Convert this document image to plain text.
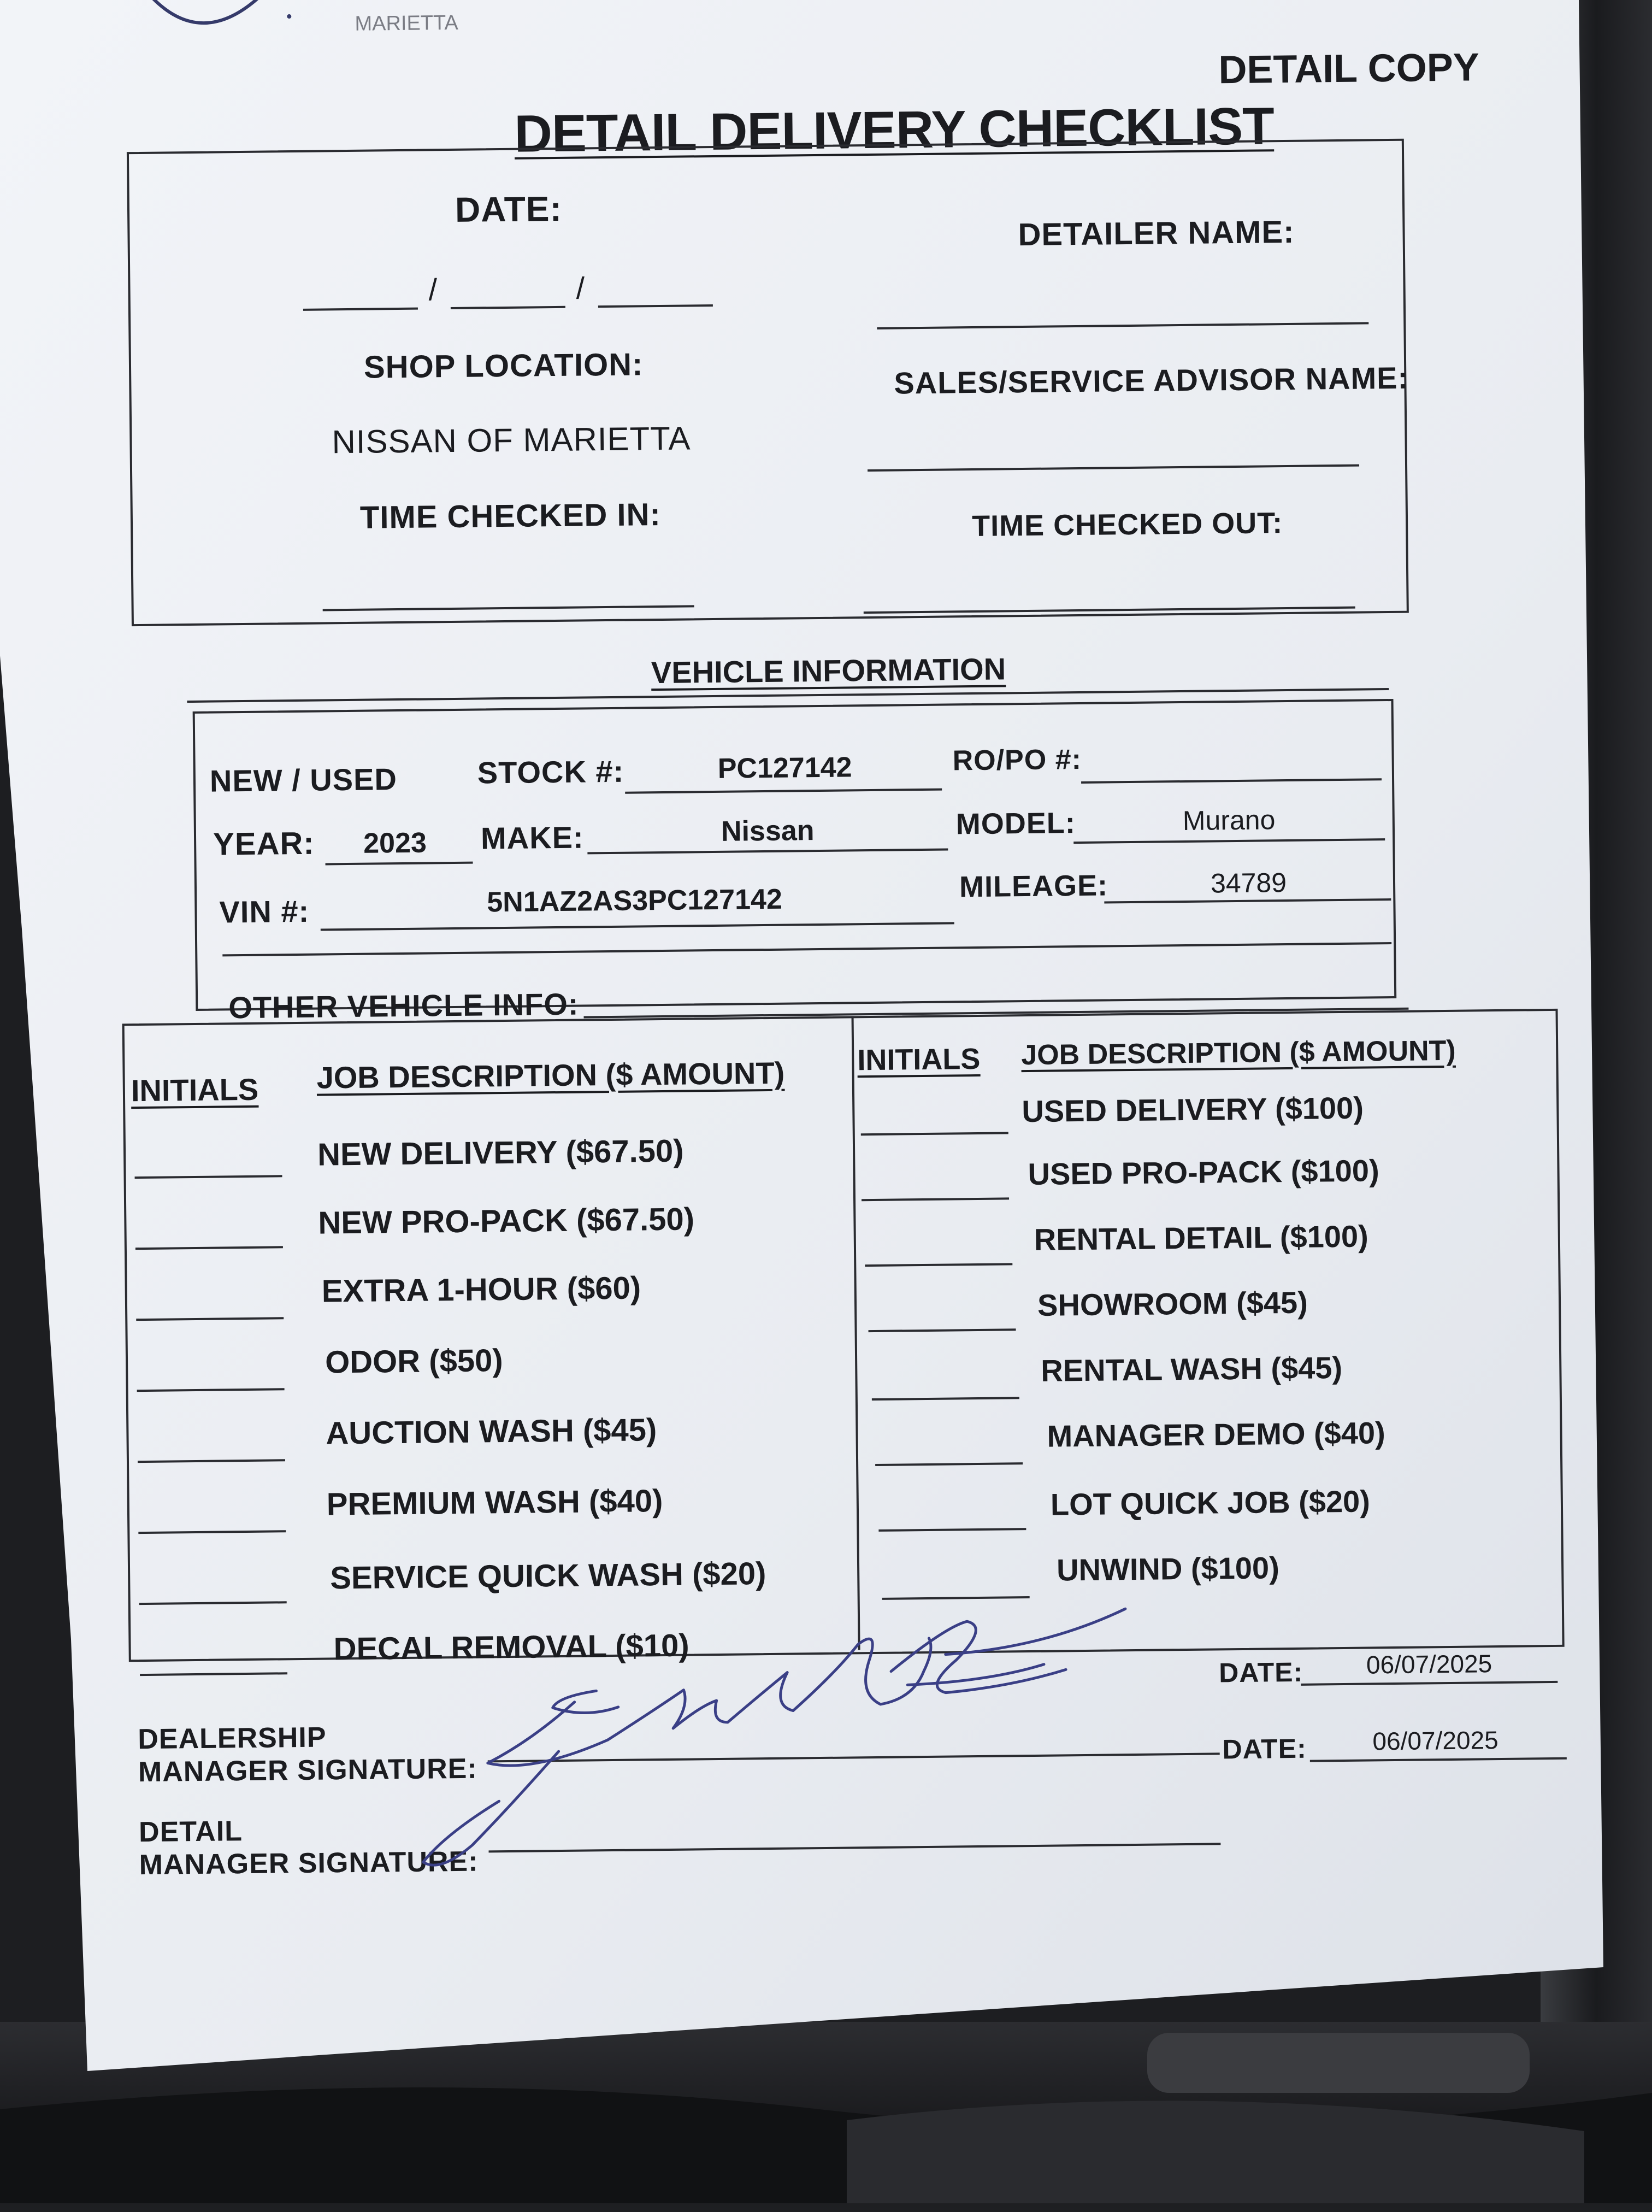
MARIETTA
DETAIL COPY
DETAIL DELIVERY CHECKLIST
DATE:
/	/
DETAILER NAME:
SHOP LOCATION:
NISSAN OF MARIETTA
SALES/SERVICE ADVISOR NAME:
TIME CHECKED IN:	TIME CHECKED OUT:
VEHICLE INFORMATION
NEW / USED	STOCK #:	PC127142	RO/PO #:
YEAR: 2023 MAKE:	Nissan	MODEL:	Murano
VIN #:	5N1AZ2AS3PC127142	MILEAGE:	34789
OTHER VEHICLE INFO:
INITIALS JOB DESCRIPTION ($ AMOUNT) INITIALS JOB DESCRIPTION ($ AMOUNT)
NEW DELIVERY ($67.50)
NEW PRO-PACK ($67.50)
EXTRA 1-HOUR ($60)
ODOR ($50)
AUCTION WASH ($45)
PREMIUM WASH ($40)
SERVICE QUICK WASH ($20)
DECAL REMOVAL ($10)
USED DELIVERY ($100)
USED PRO-PACK ($100)
RENTAL DETAIL ($100)
SHOWROOM ($45)
RENTAL WASH ($45)
MANAGER DEMO ($40)
LOT QUICK JOB ($20)
UNWIND ($100)
DEALERSHIP
MANAGER SIGNATURE:
DATE:	06/07/2025
DETAIL
MANAGER SIGNATURE:
DATE:	06/07/2025
